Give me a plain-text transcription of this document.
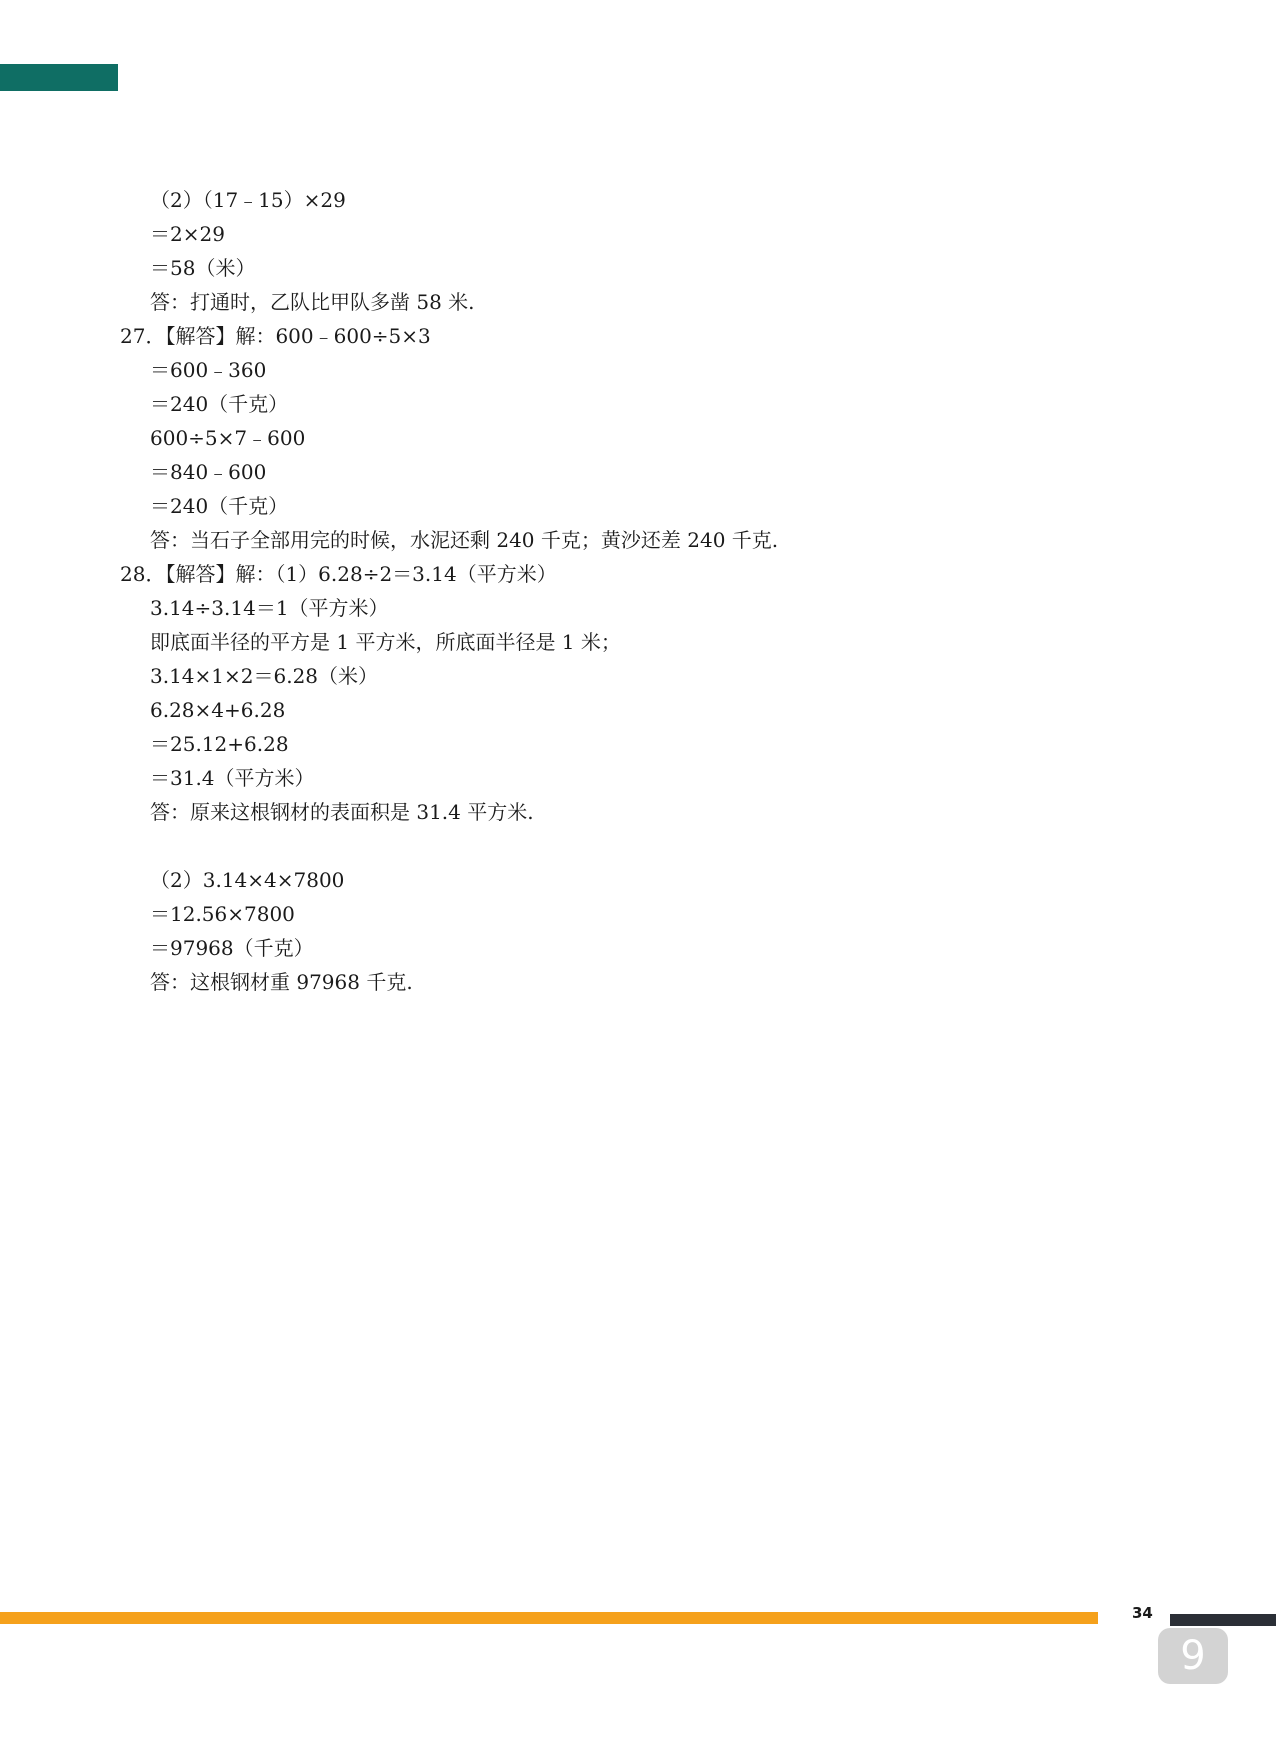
（2）（17﹣15）×29
＝2×29
＝58（米）
答：打通时，乙队比甲队多凿 58 米.
27．【解答】解：600﹣600÷5×3
＝600﹣360
＝240（千克）
600÷5×7﹣600
＝840﹣600
＝240（千克）
答：当石子全部用完的时候，水泥还剩 240 千克；黄沙还差 240 千克.
28．【解答】解：（1）6.28÷2＝3.14（平方米）
3.14÷3.14＝1（平方米）
即底面半径的平方是 1 平方米，所底面半径是 1 米；
3.14×1×2＝6.28（米）
6.28×4+6.28
＝25.12+6.28
＝31.4（平方米）
答：原来这根钢材的表面积是 31.4 平方米.
（2）3.14×4×7800
＝12.56×7800
＝97968（千克）
答：这根钢材重 97968 千克.
34
9
